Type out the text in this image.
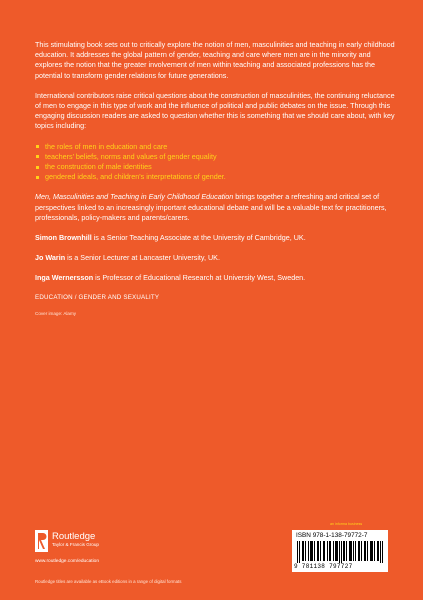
This stimulating book sets out to critically explore the notion of men, masculinities and teaching in early childhood education. It addresses the global pattern of gender, teaching and care where men are in the minority and explores the notion that the greater involvement of men within teaching and associated professions has the potential to transform gender relations for future generations.

International contributors raise critical questions about the construction of masculinities, the continuing reluctance of men to engage in this type of work and the influence of political and public debates on the issue. Through this engaging discussion readers are asked to question whether this is something that we should care about, with key topics including:

the roles of men in education and care
teachers' beliefs, norms and values of gender equality
the construction of male identities
gendered ideals, and children's interpretations of gender.

Men, Masculinities and Teaching in Early Childhood Education brings together a refreshing and critical set of perspectives linked to an increasingly important educational debate and will be a valuable text for practitioners, professionals, policy-makers and parents/carers.

Simon Brownhill is a Senior Teaching Associate at the University of Cambridge, UK.

Jo Warin is a Senior Lecturer at Lancaster University, UK.

Inga Wernersson is Professor of Educational Research at University West, Sweden.

EDUCATION / GENDER AND SEXUALITY
Cover image: Alamy
Routledge
Taylor & Francis Group
www.routledge.com/education
Routledge titles are available as eBook editions in a range of digital formats
an informa business
ISBN 978-1-138-79772-7
9 781138 797727
